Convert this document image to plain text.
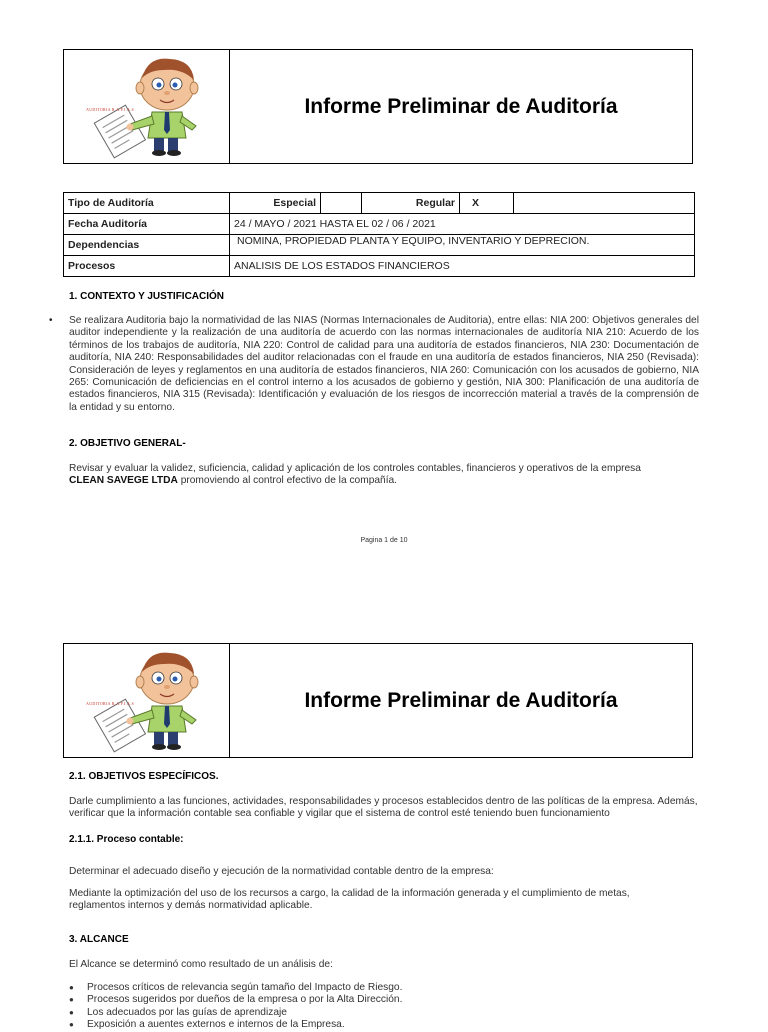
AUDITORIA R.A.P.I.A.S	Informe Preliminar de Auditoría
Tipo de Auditoría	Especial		Regular	X	
Fecha Auditoría	24 / MAYO / 2021 HASTA EL 02 / 06 / 2021				
Dependencias	NOMINA, PROPIEDAD PLANTA Y EQUIPO, INVENTARIO Y DEPRECION.				
Procesos	ANALISIS DE LOS ESTADOS FINANCIEROS				
1. CONTEXTO Y JUSTIFICACIÓN
• Se realizara Auditoria bajo la normatividad de las NIAS (Normas Internacionales de Auditoria), entre ellas: NIA 200: Objetivos generales del auditor independiente y la realización de una auditoría de acuerdo con las normas internacionales de auditoría NIA 210: Acuerdo de los términos de los trabajos de auditoría, NIA 220: Control de calidad para una auditoría de estados financieros, NIA 230: Documentación de auditoría, NIA 240: Responsabilidades del auditor relacionadas con el fraude en una auditoría de estados financieros, NIA 250 (Revisada): Consideración de leyes y reglamentos en una auditoría de estados financieros, NIA 260: Comunicación con los acusados de gobierno, NIA 265: Comunicación de deficiencias en el control interno a los acusados de gobierno y gestión, NIA 300: Planificación de una auditoría de estados financieros, NIA 315 (Revisada): Identificación y evaluación de los riesgos de incorrección material a través de la comprensión de la entidad y su entorno.
2. OBJETIVO GENERAL-
Revisar y evaluar la validez, suficiencia, calidad y aplicación de los controles contables, financieros y operativos de la empresa
CLEAN SAVEGE LTDA promoviendo al control efectivo de la compañía.
Pagina 1 de 10
AUDITORIA R.A.P.I.A.S	Informe Preliminar de Auditoría
2.1. OBJETIVOS ESPECÍFICOS.
Darle cumplimiento a las funciones, actividades, responsabilidades y procesos establecidos dentro de las políticas de la empresa. Además, verificar que la información contable sea confiable y vigilar que el sistema de control esté teniendo buen funcionamiento
2.1.1. Proceso contable:
Determinar el adecuado diseño y ejecución de la normatividad contable dentro de la empresa:
Mediante la optimización del uso de los recursos a cargo, la calidad de la información generada y el cumplimiento de metas, reglamentos internos y demás normatividad aplicable.
3. ALCANCE
El Alcance se determinó como resultado de un análisis de:
● Procesos críticos de relevancia según tamaño del Impacto de Riesgo.
● Procesos sugeridos por dueños de la empresa o por la Alta Dirección.
● Los adecuados por las guías de aprendizaje
● Exposición a auentes externos e internos de la Empresa.
